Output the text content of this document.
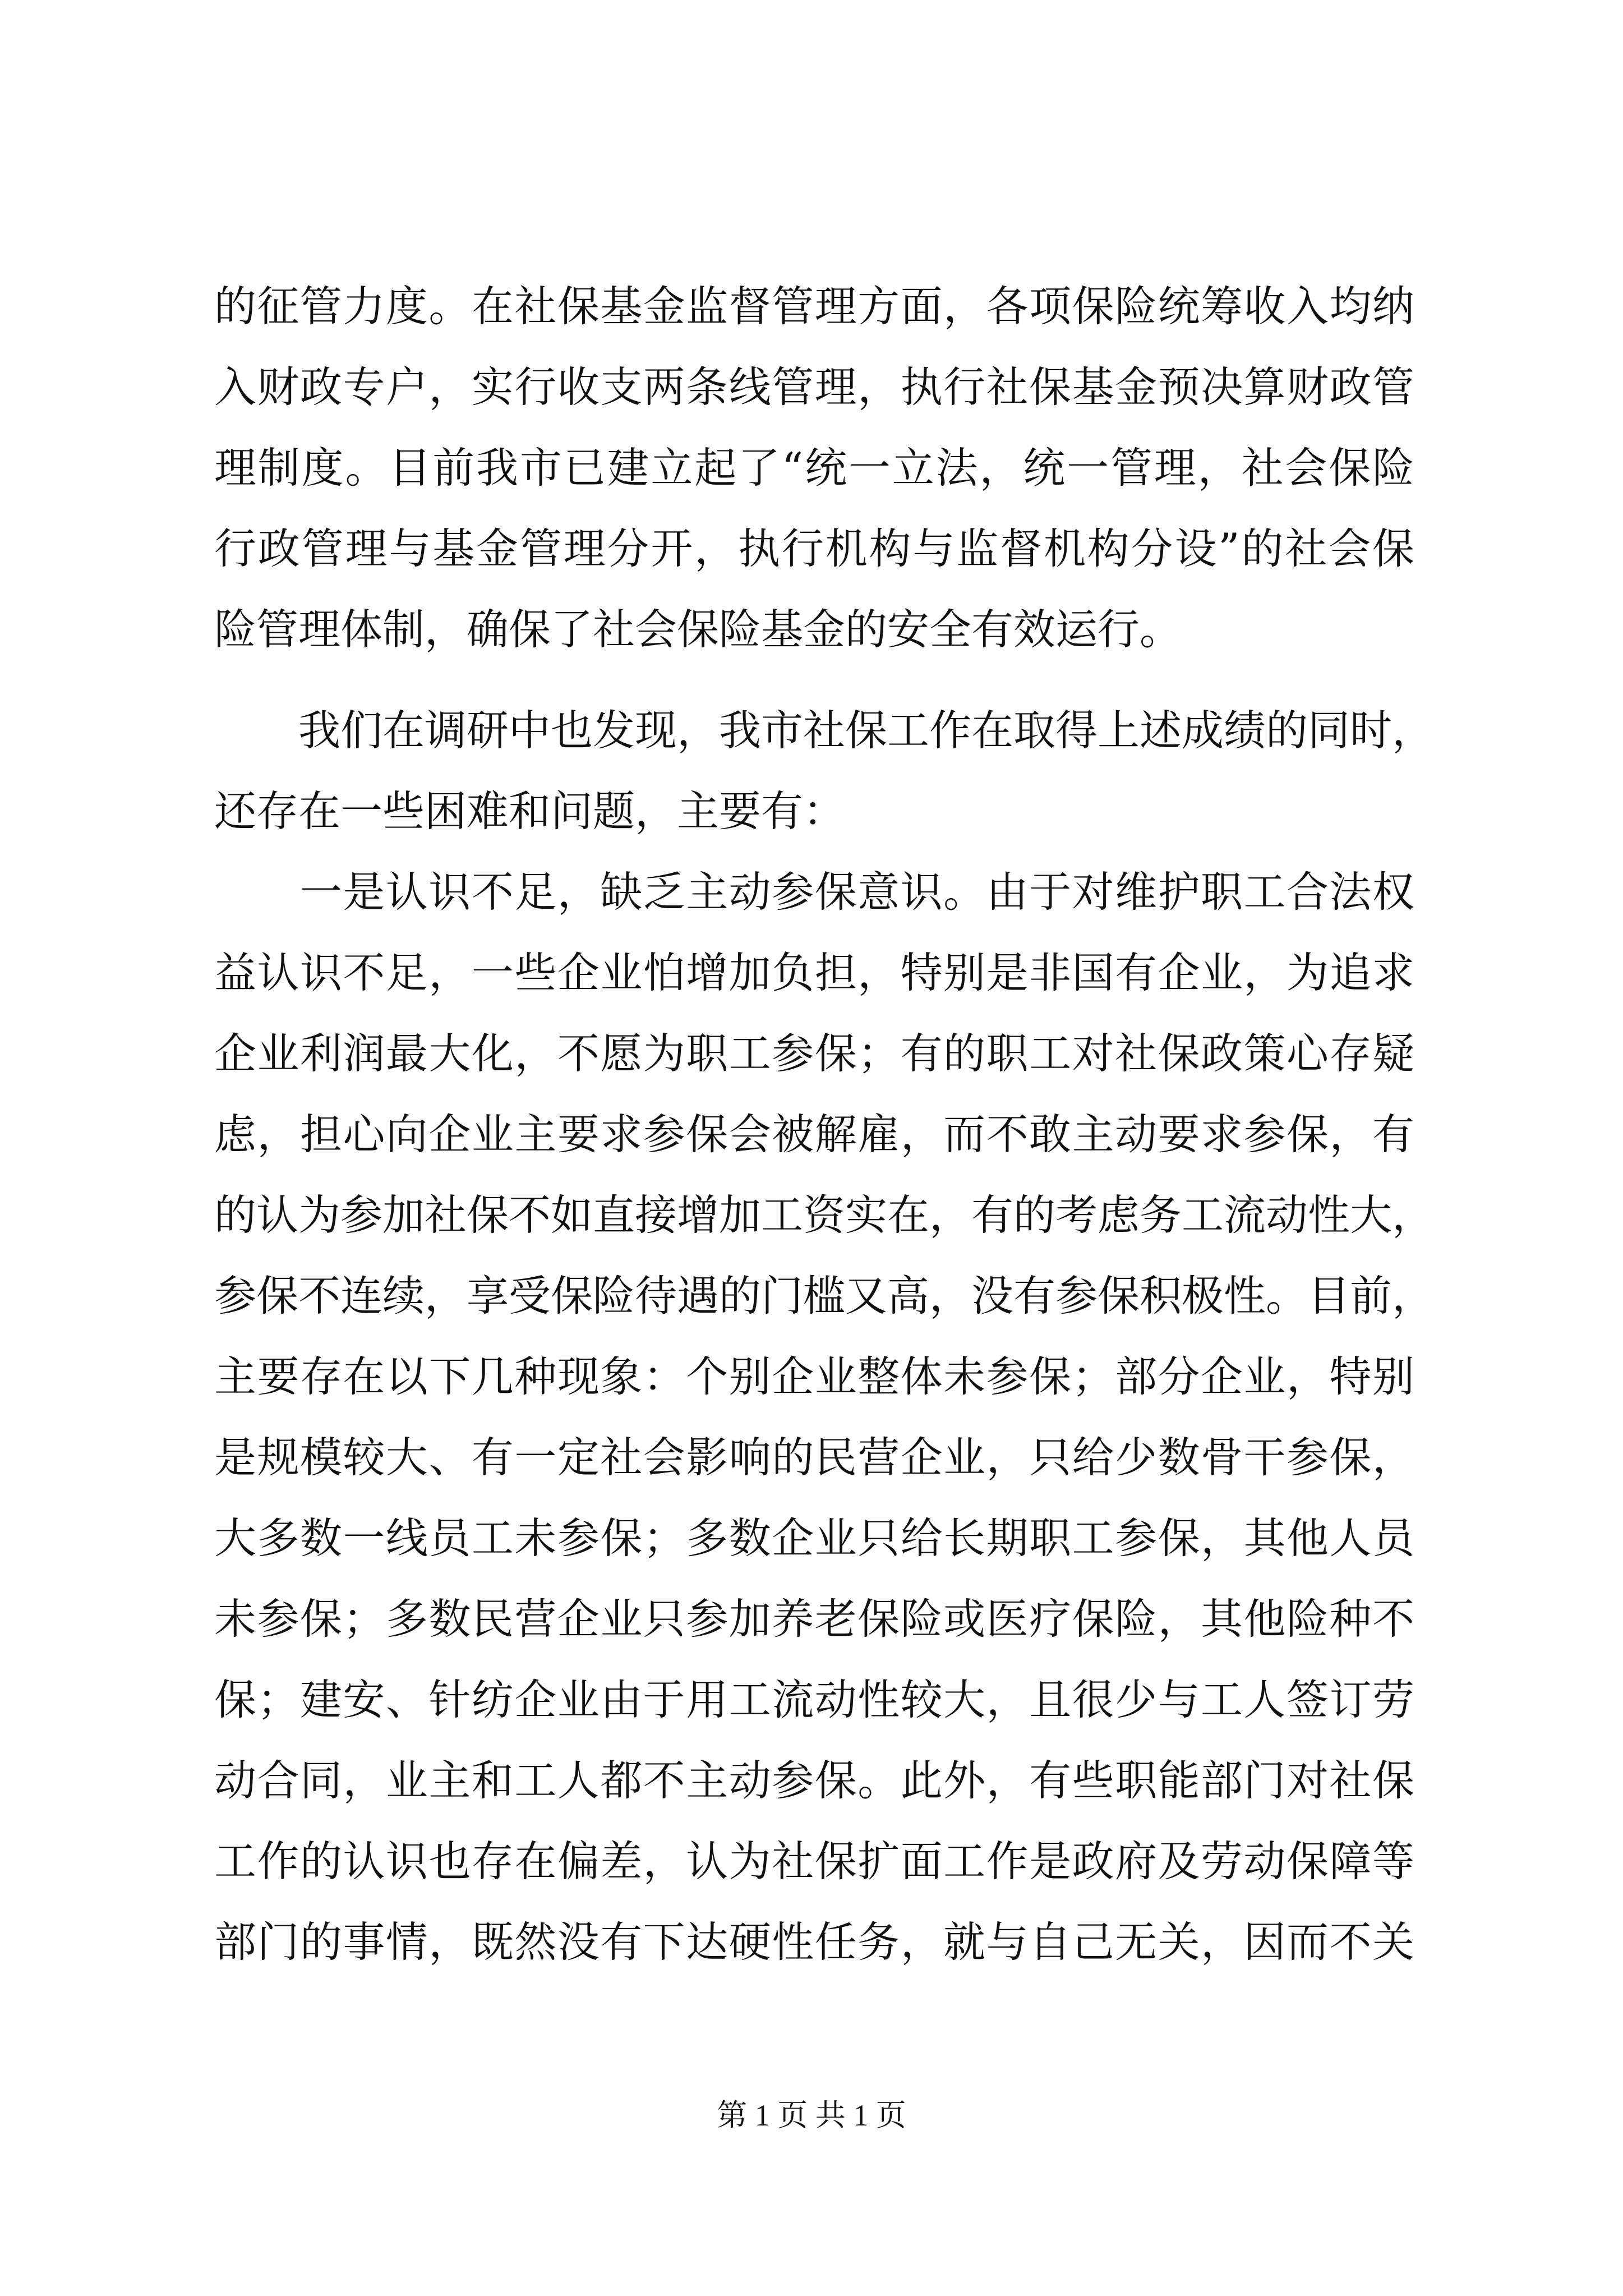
的征管力度。在社保基金监督管理方面，各项保险统筹收入均纳
入财政专户，实行收支两条线管理，执行社保基金预决算财政管
理制度。目前我市已建立起了“统一立法，统一管理，社会保险
行政管理与基金管理分开，执行机构与监督机构分设”的社会保
险管理体制，确保了社会保险基金的安全有效运行。
　　我们在调研中也发现，我市社保工作在取得上述成绩的同时，
还存在一些困难和问题，主要有：
　　一是认识不足，缺乏主动参保意识。由于对维护职工合法权
益认识不足，一些企业怕增加负担，特别是非国有企业，为追求
企业利润最大化，不愿为职工参保；有的职工对社保政策心存疑
虑，担心向企业主要求参保会被解雇，而不敢主动要求参保，有
的认为参加社保不如直接增加工资实在，有的考虑务工流动性大，
参保不连续，享受保险待遇的门槛又高，没有参保积极性。目前，
主要存在以下几种现象：个别企业整体未参保；部分企业，特别
是规模较大、有一定社会影响的民营企业，只给少数骨干参保，
大多数一线员工未参保；多数企业只给长期职工参保，其他人员
未参保；多数民营企业只参加养老保险或医疗保险，其他险种不
保；建安、针纺企业由于用工流动性较大，且很少与工人签订劳
动合同，业主和工人都不主动参保。此外，有些职能部门对社保
工作的认识也存在偏差，认为社保扩面工作是政府及劳动保障等
部门的事情，既然没有下达硬性任务，就与自己无关，因而不关
第 1 页 共 1 页
